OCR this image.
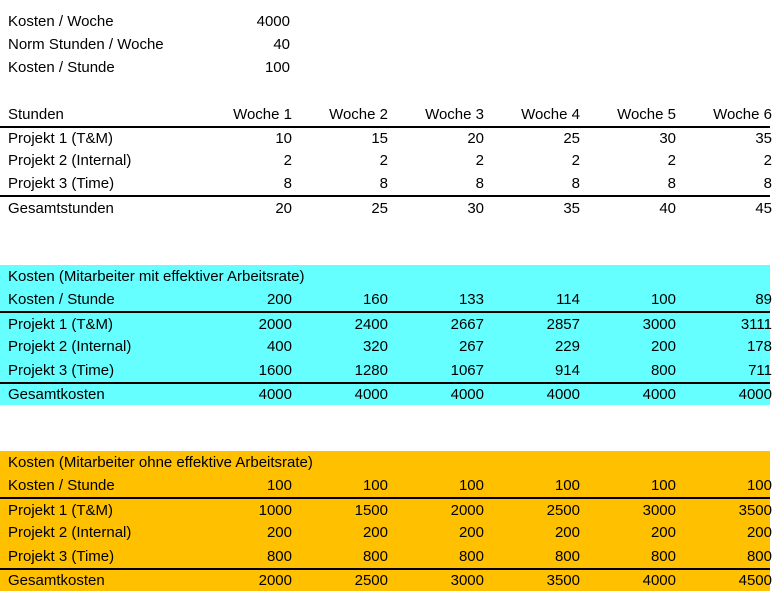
Kosten / Woche	4000
Norm Stunden / Woche	40
Kosten / Stunde	100
Stunden	Woche 1	Woche 2	Woche 3	Woche 4	Woche 5	Woche 6
Projekt 1 (T&M)	10	15	20	25	30	35
Projekt 2 (Internal)	2	2	2	2	2	2
Projekt 3 (Time)	8	8	8	8	8	8
Gesamtstunden	20	25	30	35	40	45
Kosten (Mitarbeiter mit effektiver Arbeitsrate)
Kosten / Stunde	200	160	133	114	100	89
Projekt 1 (T&M)	2000	2400	2667	2857	3000	3111
Projekt 2 (Internal)	400	320	267	229	200	178
Projekt 3 (Time)	1600	1280	1067	914	800	711
Gesamtkosten	4000	4000	4000	4000	4000	4000
Kosten (Mitarbeiter ohne effektive Arbeitsrate)
Kosten / Stunde	100	100	100	100	100	100
Projekt 1 (T&M)	1000	1500	2000	2500	3000	3500
Projekt 2 (Internal)	200	200	200	200	200	200
Projekt 3 (Time)	800	800	800	800	800	800
Gesamtkosten	2000	2500	3000	3500	4000	4500
